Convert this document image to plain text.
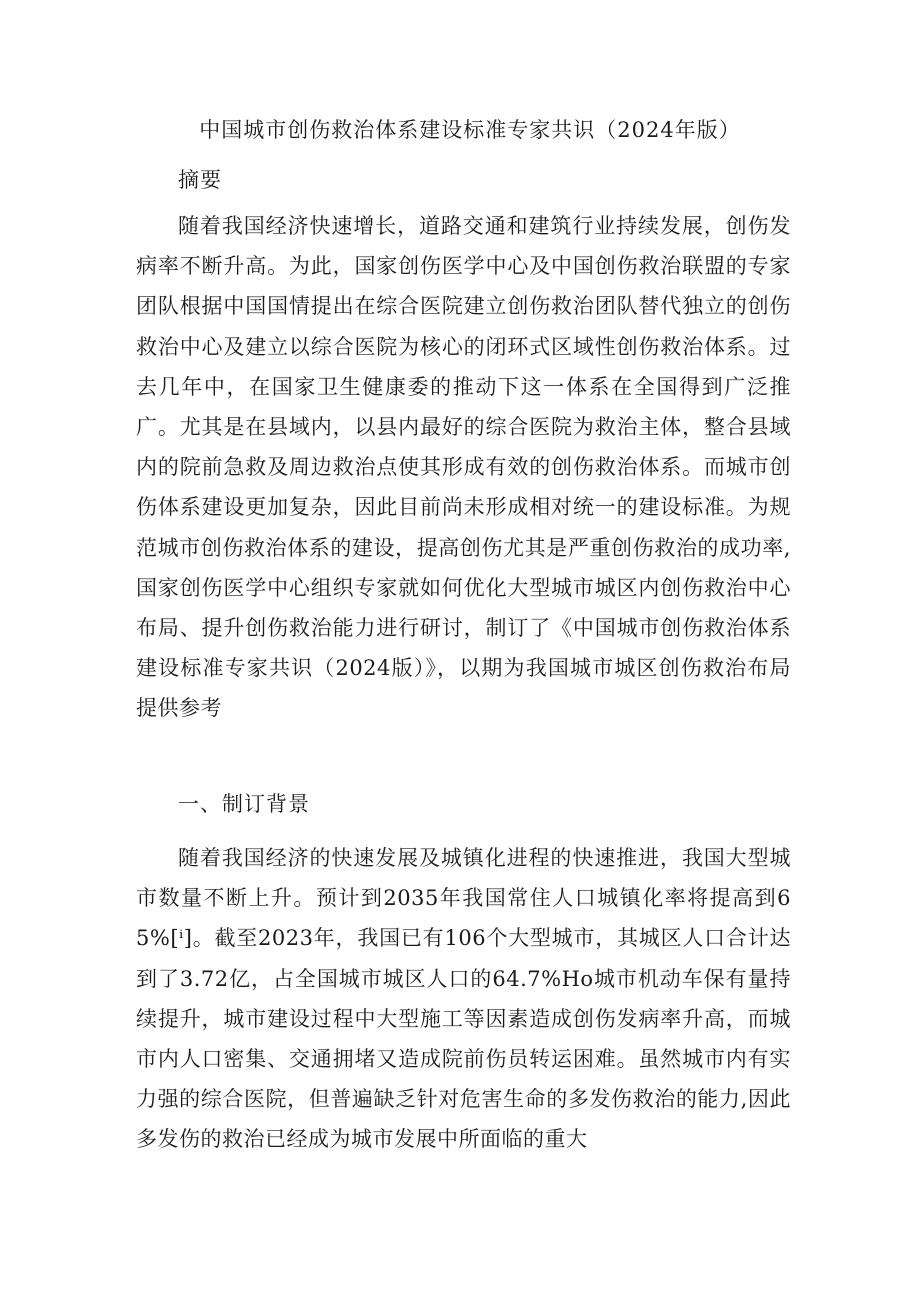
中国城市创伤救治体系建设标准专家共识（2024年版）
摘要

随着我国经济快速增长，道路交通和建筑行业持续发展，创伤发病率不断升高。为此，国家创伤医学中心及中国创伤救治联盟的专家团队根据中国国情提出在综合医院建立创伤救治团队替代独立的创伤救治中心及建立以综合医院为核心的闭环式区域性创伤救治体系。过去几年中，在国家卫生健康委的推动下这一体系在全国得到广泛推广。尤其是在县域内，以县内最好的综合医院为救治主体，整合县域内的院前急救及周边救治点使其形成有效的创伤救治体系。而城市创伤体系建设更加复杂，因此目前尚未形成相对统一的建设标准。为规范城市创伤救治体系的建设，提高创伤尤其是严重创伤救治的成功率,国家创伤医学中心组织专家就如何优化大型城市城区内创伤救治中心布局、提升创伤救治能力进行研讨，制订了《中国城市创伤救治体系建设标准专家共识（2024版）》，以期为我国城市城区创伤救治布局提供参考

一、制订背景

随着我国经济的快速发展及城镇化进程的快速推进，我国大型城市数量不断上升。预计到2035年我国常住人口城镇化率将提高到65%[ⁱ]。截至2023年，我国已有106个大型城市，其城区人口合计达到了3.72亿，占全国城市城区人口的64.7%Ho城市机动车保有量持续提升，城市建设过程中大型施工等因素造成创伤发病率升高，而城市内人口密集、交通拥堵又造成院前伤员转运困难。虽然城市内有实力强的综合医院，但普遍缺乏针对危害生命的多发伤救治的能力,因此多发伤的救治已经成为城市发展中所面临的重大
